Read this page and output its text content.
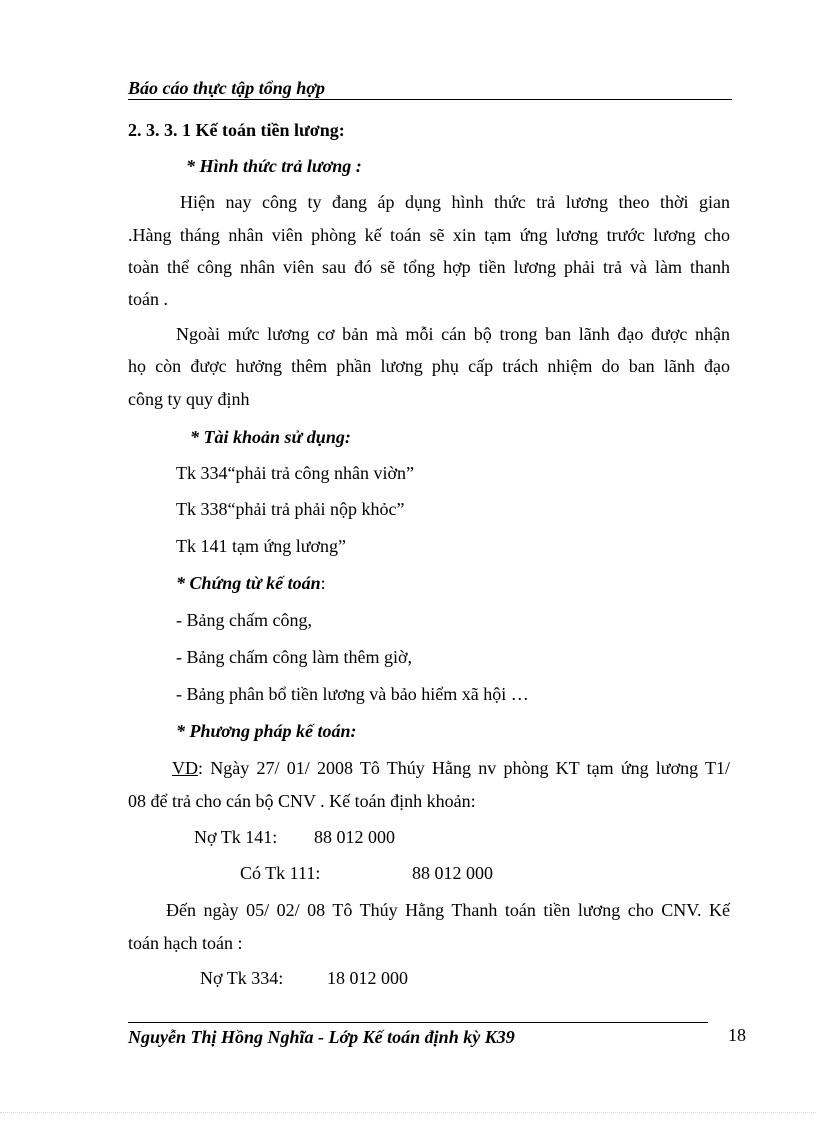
Báo cáo thực tập tổng hợp
2. 3. 3. 1 Kế toán tiền lương:
* Hình thức trả lương :
Hiện nay công ty đang áp dụng hình thức trả lương theo thời gian
.Hàng tháng nhân viên phòng kế toán sẽ xin tạm ứng lương trước lương cho
toàn thể công nhân viên sau đó sẽ tổng hợp tiền lương phải trả và làm thanh
toán .
Ngoài mức lương cơ bản mà mỗi cán bộ trong ban lãnh đạo được nhận
họ còn được hưởng thêm phần lương phụ cấp trách nhiệm do ban lãnh đạo
công ty quy định
* Tài khoản sử dụng:
Tk 334“phải trả công nhân viờn”
Tk 338“phải trả phải nộp khỏc”
Tk 141 tạm ứng lương”
* Chứng từ kế toán:
- Bảng chấm công,
- Bảng chấm công làm thêm giờ,
- Bảng phân bổ tiền lương và bảo hiểm xã hội …
* Phương pháp kế toán:
VD: Ngày 27/ 01/ 2008 Tô Thúy Hằng nv phòng KT tạm ứng lương T1/
08 để trả cho cán bộ CNV . Kế toán định khoản:
Nợ Tk 141: 88 012 000
Có Tk 111:	88 012 000
Đến ngày 05/ 02/ 08 Tô Thúy Hằng Thanh toán tiền lương cho CNV. Kế
toán hạch toán :
Nợ Tk 334: 18 012 000
Nguyễn Thị Hồng Nghĩa - Lớp Kế toán định kỳ K39	18
